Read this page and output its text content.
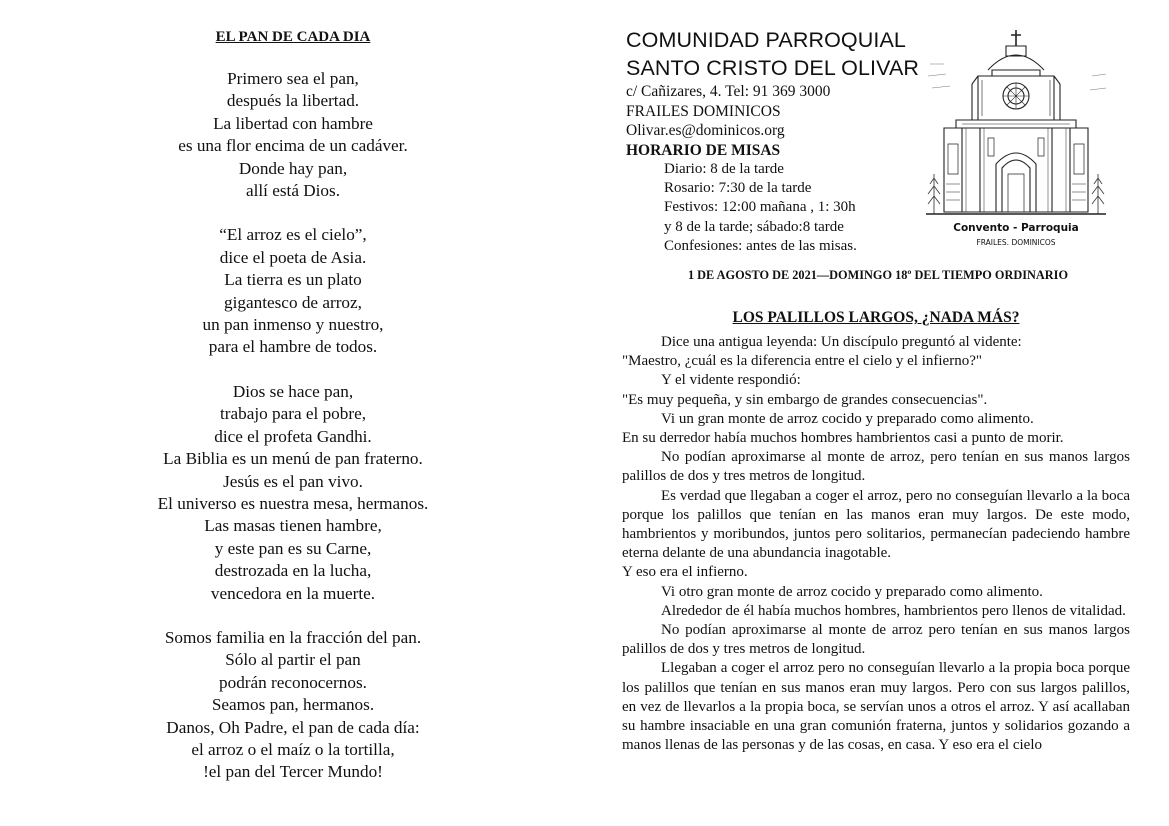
EL PAN DE CADA DIA
Primero sea el pan,
después la libertad.
La libertad con hambre
es una flor encima de un cadáver.
Donde hay pan,
allí está Dios.
“El arroz es el cielo”,
dice el poeta de Asia.
La tierra es un plato
gigantesco de arroz,
un pan inmenso y nuestro,
para el hambre de todos.
Dios se hace pan,
trabajo para el pobre,
dice el profeta Gandhi.
La Biblia es un menú de pan fraterno.
Jesús es el pan vivo.
El universo es nuestra mesa, hermanos.
Las masas tienen hambre,
y este pan es su Carne,
destrozada en la lucha,
vencedora en la muerte.
Somos familia en la fracción del pan.
Sólo al partir el pan
podrán reconocernos.
Seamos pan, hermanos.
Danos, Oh Padre, el pan de cada día:
el arroz o el maíz o la tortilla,
!el pan del Tercer Mundo!
COMUNIDAD PARROQUIAL
SANTO CRISTO DEL OLIVAR
c/ Cañizares, 4. Tel: 91 369 3000
FRAILES DOMINICOS
Olivar.es@dominicos.org
HORARIO DE MISAS
Diario: 8 de la tarde
Rosario: 7:30 de la tarde
Festivos: 12:00 mañana , 1: 30h
y 8 de la tarde; sábado:8 tarde
Confesiones: antes de las misas.
Convento - Parroquia
FRAILES. DOMINICOS
1 DE AGOSTO DE 2021—DOMINGO 18º DEL TIEMPO ORDINARIO
LOS PALILLOS LARGOS, ¿NADA MÁS?

Dice una antigua leyenda: Un discípulo preguntó al vidente:

"Maestro, ¿cuál es la diferencia entre el cielo y el infierno?"

Y el vidente respondió:

"Es muy pequeña, y sin embargo de grandes consecuencias".

Vi un gran monte de arroz cocido y preparado como alimento.

En su derredor había muchos hombres hambrientos casi a punto de morir.

No podían aproximarse al monte de arroz, pero tenían en sus manos largos palillos de dos y tres metros de longitud.

Es verdad que llegaban a coger el arroz, pero no conseguían llevarlo a la boca porque los palillos que tenían en las manos eran muy largos. De este modo, hambrientos y moribundos, juntos pero solitarios, permanecían padeciendo hambre eterna delante de una abundancia inagotable.

Y eso era el infierno.

Vi otro gran monte de arroz cocido y preparado como alimento.

Alrededor de él había muchos hombres, hambrientos pero llenos de vitalidad.

No podían aproximarse al monte de arroz pero tenían en sus manos largos palillos de dos y tres metros de longitud.

Llegaban a coger el arroz pero no conseguían llevarlo a la propia boca porque los palillos que tenían en sus manos eran muy largos. Pero con sus largos palillos, en vez de llevarlos a la propia boca, se servían unos a otros el arroz. Y así acallaban su hambre insaciable en una gran comunión fraterna, juntos y solidarios gozando a manos llenas de las personas y de las cosas, en casa. Y eso era el cielo
